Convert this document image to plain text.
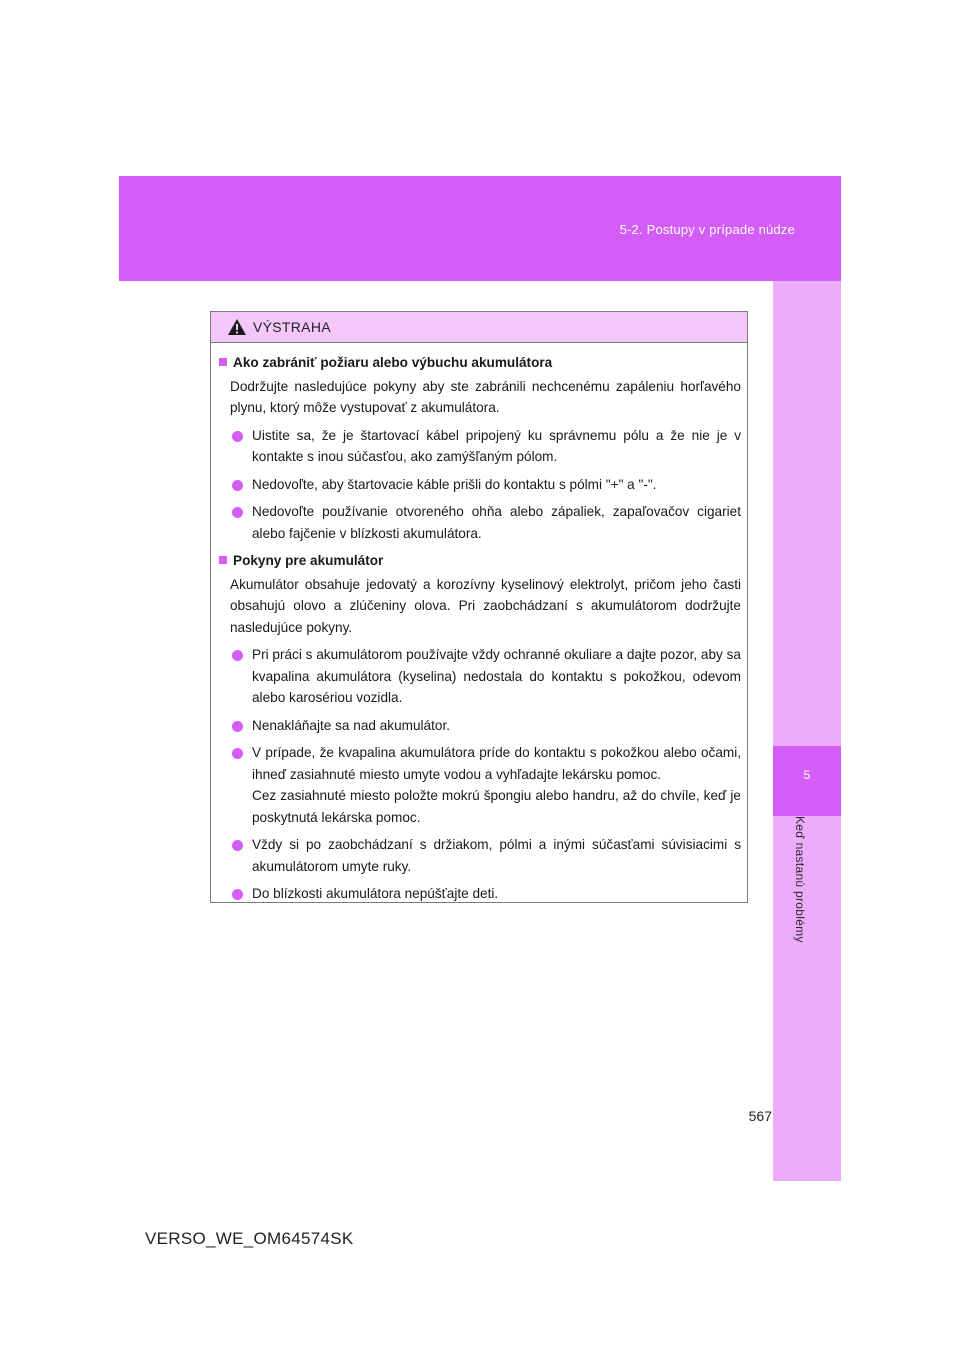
5-2. Postupy v prípade núdze
5
Keď nastanú problémy
VÝSTRAHA
Ako zabrániť požiaru alebo výbuchu akumulátora
Dodržujte nasledujúce pokyny aby ste zabránili nechcenému zapáleniu horľavého plynu, ktorý môže vystupovať z akumulátora.
Uistite sa, že je štartovací kábel pripojený ku správnemu pólu a že nie je v kontakte s inou súčasťou, ako zamýšľaným pólom.
Nedovoľte, aby štartovacie káble prišli do kontaktu s pólmi "+" a "-".
Nedovoľte používanie otvoreného ohňa alebo zápaliek, zapaľovačov cigariet alebo fajčenie v blízkosti akumulátora.
Pokyny pre akumulátor
Akumulátor obsahuje jedovatý a korozívny kyselinový elektrolyt, pričom jeho časti obsahujú olovo a zlúčeniny olova. Pri zaobchádzaní s akumulátorom dodržujte nasledujúce pokyny.
Pri práci s akumulátorom používajte vždy ochranné okuliare a dajte pozor, aby sa kvapalina akumulátora (kyselina) nedostala do kontaktu s pokožkou, odevom alebo karosériou vozidla.
Nenakláňajte sa nad akumulátor.
V prípade, že kvapalina akumulátora príde do kontaktu s pokožkou alebo očami, ihneď zasiahnuté miesto umyte vodou a vyhľadajte lekársku pomoc.
Cez zasiahnuté miesto položte mokrú špongiu alebo handru, až do chvíle, keď je poskytnutá lekárska pomoc.
Vždy si po zaobchádzaní s držiakom, pólmi a inými súčasťami súvisiacimi s akumulátorom umyte ruky.
Do blízkosti akumulátora nepúšťajte deti.
567
VERSO_WE_OM64574SK
